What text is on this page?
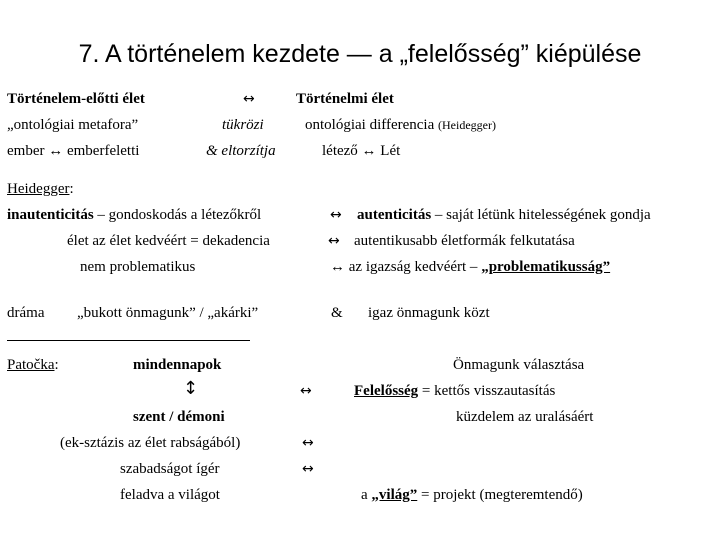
7. A történelem kezdete — a „felelősség” kiépülése
Történelem-előtti élet	↔	Történelmi élet
„ontológiai metafora”	tükrözi	ontológiai differencia (Heidegger)
ember ↔ emberfeletti	& eltorzítja	létező ↔ Lét
Heidegger:
inautenticitás – gondoskodás a létezőkről	↔ autenticitás – saját létünk hitelességének gondja
élet az élet kedvéért = dekadencia	↔ autentikusabb életformák felkutatása
nem problematikus	↔ az igazság kedvéért – „problematikusság”
dráma „bukott önmagunk” / „akárki”	& igaz önmagunk közt
Patočka:	mindennapok	Önmagunk választása
↕	↔	Felelősség = kettős visszautasítás
szent / démoni	küzdelem az uralásáért
(ek-sztázis az élet rabságából)	↔
szabadságot ígér	↔
feladva a világot	a „világ” = projekt (megteremtendő)
